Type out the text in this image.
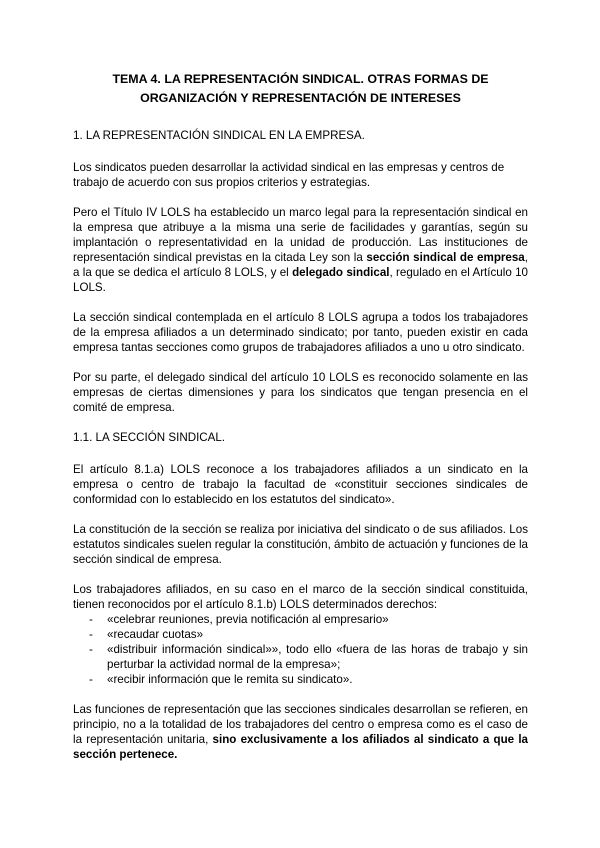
TEMA 4. LA REPRESENTACIÓN SINDICAL. OTRAS FORMAS DE
ORGANIZACIÓN Y REPRESENTACIÓN DE INTERESES
1. LA REPRESENTACIÓN SINDICAL EN LA EMPRESA.

Los sindicatos pueden desarrollar la actividad sindical en las empresas y centros de trabajo de acuerdo con sus propios criterios y estrategias.

Pero el Título IV LOLS ha establecido un marco legal para la representación sindical en la empresa que atribuye a la misma una serie de facilidades y garantías, según su implantación o representatividad en la unidad de producción. Las instituciones de representación sindical previstas en la citada Ley son la sección sindical de empresa, a la que se dedica el artículo 8 LOLS, y el delegado sindical, regulado en el Artículo 10 LOLS.

La sección sindical contemplada en el artículo 8 LOLS agrupa a todos los trabajadores de la empresa afiliados a un determinado sindicato; por tanto, pueden existir en cada empresa tantas secciones como grupos de trabajadores afiliados a uno u otro sindicato.

Por su parte, el delegado sindical del artículo 10 LOLS es reconocido solamente en las empresas de ciertas dimensiones y para los sindicatos que tengan presencia en el comité de empresa.

1.1. LA SECCIÓN SINDICAL.

El artículo 8.1.a) LOLS reconoce a los trabajadores afiliados a un sindicato en la empresa o centro de trabajo la facultad de «constituir secciones sindicales de conformidad con lo establecido en los estatutos del sindicato».

La constitución de la sección se realiza por iniciativa del sindicato o de sus afiliados. Los estatutos sindicales suelen regular la constitución, ámbito de actuación y funciones de la sección sindical de empresa.

Los trabajadores afiliados, en su caso en el marco de la sección sindical constituida, tienen reconocidos por el artículo 8.1.b) LOLS determinados derechos:

- «celebrar reuniones, previa notificación al empresario»
- «recaudar cuotas»
- «distribuir información sindical»», todo ello «fuera de las horas de trabajo y sin perturbar la actividad normal de la empresa»;
- «recibir información que le remita su sindicato».

Las funciones de representación que las secciones sindicales desarrollan se refieren, en principio, no a la totalidad de los trabajadores del centro o empresa como es el caso de la representación unitaria, sino exclusivamente a los afiliados al sindicato a que la sección pertenece.
